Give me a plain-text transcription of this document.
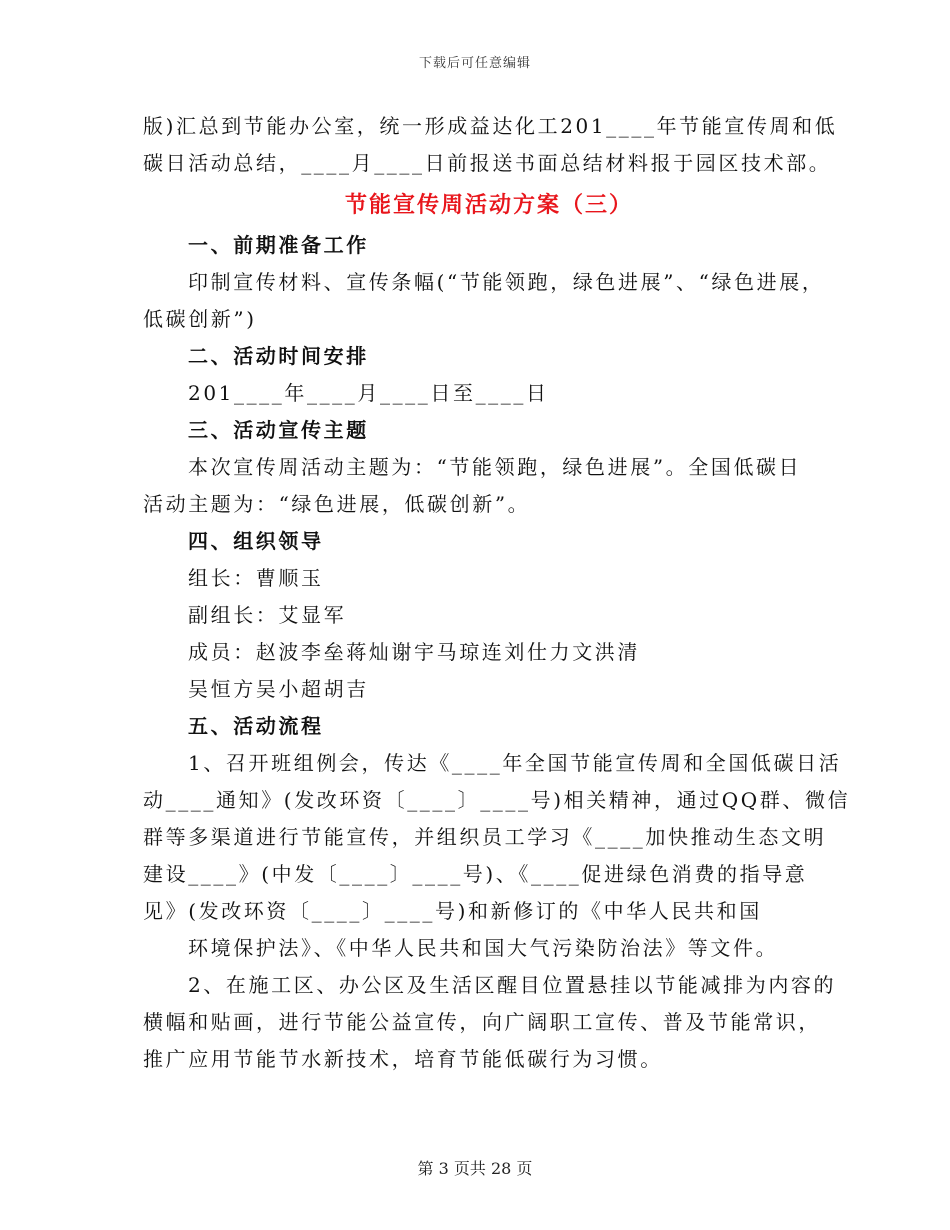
下载后可任意编辑
版)汇总到节能办公室，统一形成益达化工201____年节能宣传周和低
碳日活动总结，____月____日前报送书面总结材料报于园区技术部。
节能宣传周活动方案（三）
一、前期准备工作
印制宣传材料、宣传条幅(“节能领跑，绿色进展”、“绿色进展，
低碳创新”)
二、活动时间安排
201____年____月____日至____日
三、活动宣传主题
本次宣传周活动主题为：“节能领跑，绿色进展”。全国低碳日
活动主题为：“绿色进展，低碳创新”。
四、组织领导
组长：曹顺玉
副组长：艾显军
成员：赵波李垒蒋灿谢宇马琼连刘仕力文洪清
吴恒方吴小超胡吉
五、活动流程
1、召开班组例会，传达《____年全国节能宣传周和全国低碳日活
动____通知》(发改环资〔____〕____号)相关精神，通过QQ群、微信
群等多渠道进行节能宣传，并组织员工学习《____加快推动生态文明
建设____》(中发〔____〕____号)、《____促进绿色消费的指导意
见》(发改环资〔____〕____号)和新修订的《中华人民共和国
环境保护法》、《中华人民共和国大气污染防治法》等文件。
2、在施工区、办公区及生活区醒目位置悬挂以节能减排为内容的
横幅和贴画，进行节能公益宣传，向广阔职工宣传、普及节能常识，
推广应用节能节水新技术，培育节能低碳行为习惯。
第 3 页共 28 页
